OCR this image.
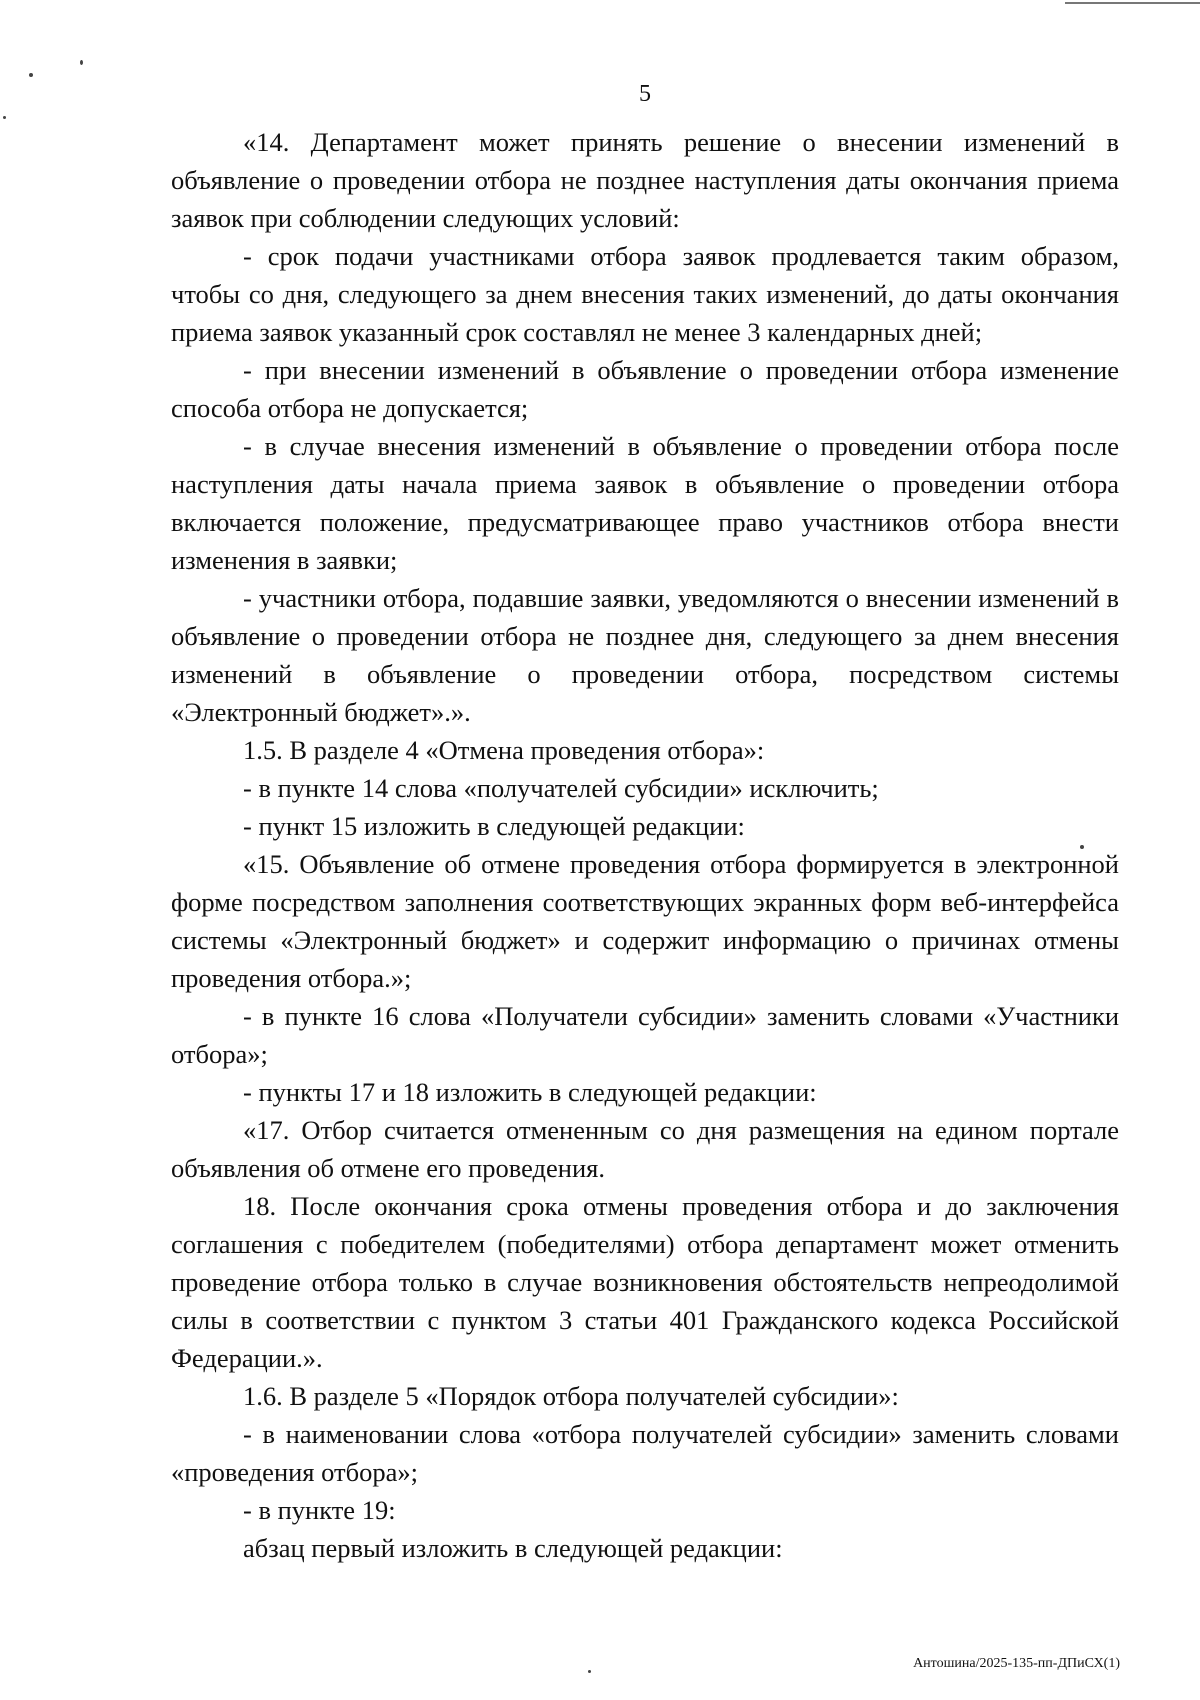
5

«14. Департамент может принять решение о внесении изменений в объявление о проведении отбора не позднее наступления даты окончания приема заявок при соблюдении следующих условий:

- срок подачи участниками отбора заявок продлевается таким образом, чтобы со дня, следующего за днем внесения таких изменений, до даты окончания приема заявок указанный срок составлял не менее 3 календарных дней;

- при внесении изменений в объявление о проведении отбора изменение способа отбора не допускается;

- в случае внесения изменений в объявление о проведении отбора после наступления даты начала приема заявок в объявление о проведении отбора включается положение, предусматривающее право участников отбора внести изменения в заявки;

- участники отбора, подавшие заявки, уведомляются о внесении изменений в объявление о проведении отбора не позднее дня, следующего за днем внесения изменений в объявление о проведении отбора, посредством системы «Электронный бюджет».».

1.5. В разделе 4 «Отмена проведения отбора»:

- в пункте 14 слова «получателей субсидии» исключить;

- пункт 15 изложить в следующей редакции:

«15. Объявление об отмене проведения отбора формируется в электронной форме посредством заполнения соответствующих экранных форм веб-интерфейса системы «Электронный бюджет» и содержит информацию о причинах отмены проведения отбора.»;

- в пункте 16 слова «Получатели субсидии» заменить словами «Участники отбора»;

- пункты 17 и 18 изложить в следующей редакции:

«17. Отбор считается отмененным со дня размещения на едином портале объявления об отмене его проведения.

18. После окончания срока отмены проведения отбора и до заключения соглашения с победителем (победителями) отбора департамент может отменить проведение отбора только в случае возникновения обстоятельств непреодолимой силы в соответствии с пунктом 3 статьи 401 Гражданского кодекса Российской Федерации.».

1.6. В разделе 5 «Порядок отбора получателей субсидии»:

- в наименовании слова «отбора получателей субсидии» заменить словами «проведения отбора»;

- в пункте 19:

абзац первый изложить в следующей редакции:

Антошина/2025-135-пп-ДПиСХ(1)
